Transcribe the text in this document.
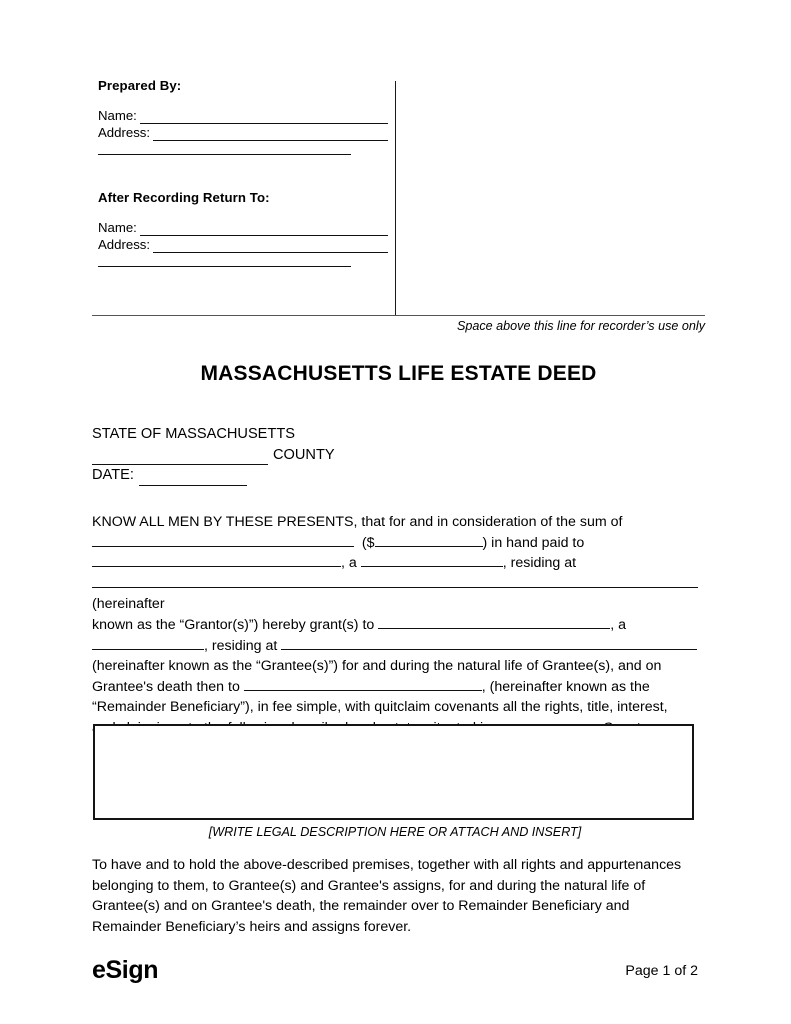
Prepared By:
Name:
Address:
After Recording Return To:
Name:
Address:
Space above this line for recorder’s use only
MASSACHUSETTS LIFE ESTATE DEED
STATE OF MASSACHUSETTS
COUNTY
DATE:

KNOW ALL MEN BY THESE PRESENTS, that for and in consideration of the sum of

($	) in hand paid to

, a	, residing at

(hereinafter

known as the “Grantor(s)”) hereby grant(s) to	, a

, residing at

(hereinafter known as the “Grantee(s)”) for and during the natural life of Grantee(s), and on

Grantee's death then to	, (hereinafter known as the

“Remainder Beneficiary”), in fee simple, with quitclaim covenants all the rights, title, interest,

[WRITE LEGAL DESCRIPTION HERE OR ATTACH AND INSERT]

To have and to hold the above-described premises, together with all rights and appurtenances

belonging to them, to Grantee(s) and Grantee's assigns, for and during the natural life of

Grantee(s) and on Grantee's death, the remainder over to Remainder Beneficiary and

Remainder Beneficiary’s heirs and assigns forever.

eSign	Page 1 of 2
